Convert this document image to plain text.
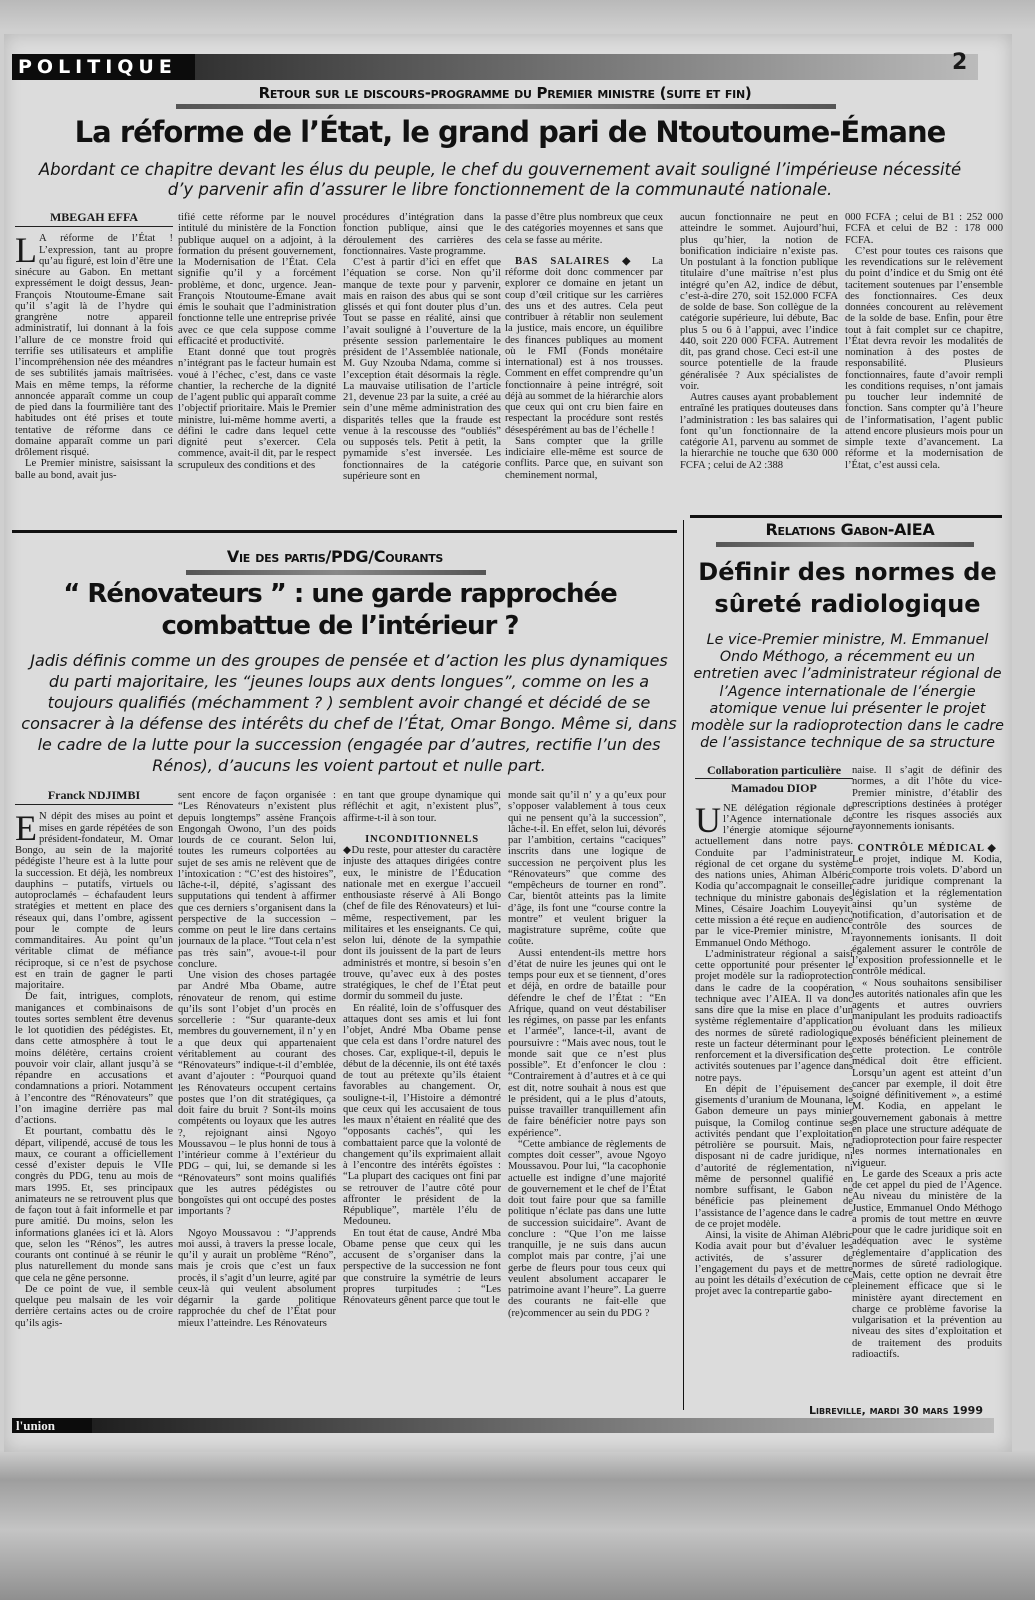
POLITIQUE	2
Retour sur le discours-programme du Premier ministre (suite et fin)
La réforme de l’État, le grand pari de Ntoutoume-Émane
Abordant ce chapitre devant les élus du peuple, le chef du gouvernement avait souligné l’impérieuse nécessité d’y parvenir afin d’assurer le libre fonctionnement de la communauté nationale.
MBEGAH EFFA

L A réforme de l’État ! L’expression, tant au propre qu’au figuré, est loin d’être une sinécure au Gabon. En mettant expressément le doigt dessus, Jean-François Ntoutoume-Émane sait qu’il s’agit là de l’hydre qui grangrène notre appareil administratif, lui donnant à la fois l’allure de ce monstre froid qui terrifie ses utilisateurs et amplifie l’incompréhension née des méandres de ses subtilités jamais maîtrisées. Mais en même temps, la réforme annoncée apparaît comme un coup de pied dans la fourmilière tant des habitudes ont été prises et toute tentative de réforme dans ce domaine apparaît comme un pari drôlement risqué.

Le Premier ministre, saisissant la balle au bond, avait jus-

tifié cette réforme par le nouvel intitulé du ministère de la Fonction publique auquel on a adjoint, à la formation du présent gouvernement, la Modernisation de l’État. Cela signifie qu’il y a forcément problème, et donc, urgence. Jean-François Ntoutoume-Émane avait émis le souhait que l’administration fonctionne telle une entreprise privée avec ce que cela suppose comme efficacité et productivité.

Etant donné que tout progrès n’intégrant pas le facteur humain est voué à l’échec, c’est, dans ce vaste chantier, la recherche de la dignité de l’agent public qui apparaît comme l’objectif prioritaire. Mais le Premier ministre, lui-même homme averti, a défini le cadre dans lequel cette dignité peut s’exercer. Cela commence, avait-il dit, par le respect scrupuleux des conditions et des

procédures d’intégration dans la fonction publique, ainsi que le déroulement des carrières des fonctionnaires. Vaste programme.

C’est à partir d’ici en effet que l’équation se corse. Non qu’il manque de texte pour y parvenir, mais en raison des abus qui se sont glissés et qui font douter plus d’un. Tout se passe en réalité, ainsi que l’avait souligné à l’ouverture de la présente session parlementaire le président de l’Assemblée nationale, M. Guy Nzouba Ndama, comme si l’exception était désormais la règle. La mauvaise utilisation de l’article 21, devenue 23 par la suite, a créé au sein d’une même administration des disparités telles que la fraude est venue à la rescousse des “oubliés” ou supposés tels. Petit à petit, la pymamide s’est inversée. Les fonctionnaires de la catégorie supérieure sont en

passe d’être plus nombreux que ceux des catégories moyennes et sans que cela se fasse au mérite.

BAS SALAIRES ◆ La réforme doit donc commencer par explorer ce domaine en jetant un coup d’œil critique sur les carrières des uns et des autres. Cela peut contribuer à rétablir non seulement la justice, mais encore, un équilibre des finances publiques au moment où le FMI (Fonds monétaire international) est à nos trousses. Comment en effet comprendre qu’un fonctionnaire à peine intrégré, soit déjà au sommet de la hiérarchie alors que ceux qui ont cru bien faire en respectant la procédure sont restés désespérément au bas de l’échelle !

Sans compter que la grille indiciaire elle-même est source de conflits. Parce que, en suivant son cheminement normal,

aucun fonctionnaire ne peut en atteindre le sommet. Aujourd’hui, plus qu’hier, la notion de bonification indiciaire n’existe pas. Un postulant à la fonction publique titulaire d’une maîtrise n’est plus intégré qu’en A2, indice de début, c’est-à-dire 270, soit 152.000 FCFA de solde de base. Son collègue de la catégorie supérieure, lui débute, Bac plus 5 ou 6 à l’appui, avec l’indice 440, soit 220 000 FCFA. Autrement dit, pas grand chose. Ceci est-il une source potentielle de la fraude généralisée ? Aux spécialistes de voir.

Autres causes ayant probablement entraîné les pratiques douteuses dans l’administration : les bas salaires qui font qu’un fonctionnaire de la catégorie A1, parvenu au sommet de la hierarchie ne touche que 630 000 FCFA ; celui de A2 :388

000 FCFA ; celui de B1 : 252 000 FCFA et celui de B2 : 178 000 FCFA.

C’est pour toutes ces raisons que les revendications sur le relèvement du point d’indice et du Smig ont été tacitement soutenues par l’ensemble des fonctionnaires. Ces deux données concourent au relèvement de la solde de base. Enfin, pour être tout à fait complet sur ce chapitre, l’État devra revoir les modalités de nomination à des postes de responsabilité. Plusieurs fonctionnaires, faute d’avoir rempli les conditions requises, n’ont jamais pu toucher leur indemnité de fonction. Sans compter qu’à l’heure de l’informatisation, l’agent public attend encore plusieurs mois pour un simple texte d’avancement. La réforme et la modernisation de l’État, c’est aussi cela.

Vie des partis/PDG/Courants
“ Rénovateurs ” : une garde rapprochée combattue de l’intérieur ?
Jadis définis comme un des groupes de pensée et d’action les plus dynamiques du parti majoritaire, les “jeunes loups aux dents longues”, comme on les a toujours qualifiés (méchamment ? ) semblent avoir changé et décidé de se consacrer à la défense des intérêts du chef de l’État, Omar Bongo. Même si, dans le cadre de la lutte pour la succession (engagée par d’autres, rectifie l’un des Rénos), d’aucuns les voient partout et nulle part.
Franck NDJIMBI

E N dépit des mises au point et mises en garde répétées de son président-fondateur, M. Omar Bongo, au sein de la majorité pédégiste l’heure est à la lutte pour la succession. Et déjà, les nombreux dauphins – putatifs, virtuels ou autoproclamés – échafaudent leurs stratégies et mettent en place des réseaux qui, dans l’ombre, agissent pour le compte de leurs commanditaires. Au point qu’un véritable climat de méfiance réciproque, si ce n’est de psychose est en train de gagner le parti majoritaire.

De fait, intrigues, complots, manigances et combinaisons de toutes sortes semblent être devenus le lot quotidien des pédégistes. Et, dans cette atmosphère à tout le moins délétère, certains croient pouvoir voir clair, allant jusqu’à se répandre en accusations et condamnations a priori. Notamment à l’encontre des “Rénovateurs” que l’on imagine derrière pas mal d’actions.

Et pourtant, combattu dès le départ, vilipendé, accusé de tous les maux, ce courant a officiellement cessé d’exister depuis le VIIe congrès du PDG, tenu au mois de mars 1995. Et, ses principaux animateurs ne se retrouvent plus que de façon tout à fait informelle et par pure amitié. Du moins, selon les informations glanées ici et là. Alors que, selon les “Rénos”, les autres courants ont continué à se réunir le plus naturellement du monde sans que cela ne gêne personne.

De ce point de vue, il semble quelque peu malsain de les voir derrière certains actes ou de croire qu’ils agis-

sent encore de façon organisée : “Les Rénovateurs n’existent plus depuis longtemps” assène François Engongah Owono, l’un des poids lourds de ce courant. Selon lui, toutes les rumeurs colportées au sujet de ses amis ne relèvent que de l’intoxication : “C’est des histoires”, lâche-t-il, dépité, s’agissant des supputations qui tendent à affirmer que ces derniers s’organisent dans la perspective de la succession – comme on peut le lire dans certains journaux de la place. “Tout cela n’est pas très sain”, avoue-t-il pour conclure.

Une vision des choses partagée par André Mba Obame, autre rénovateur de renom, qui estime qu’ils sont l’objet d’un procès en sorcellerie : “Sur quarante-deux membres du gouvernement, il n’ y en a que deux qui appartenaient véritablement au courant des “Rénovateurs” indique-t-il d’emblée, avant d’ajouter : “Pourquoi quand les Rénovateurs occupent certains postes que l’on dit stratégiques, ça doit faire du bruit ? Sont-ils moins compétents ou loyaux que les autres ?, rejoignant ainsi Ngoyo Moussavou – le plus honni de tous à l’intérieur comme à l’extérieur du PDG – qui, lui, se demande si les “Rénovateurs” sont moins qualifiés que les autres pédégistes ou bongoïstes qui ont occupé des postes importants ?

Ngoyo Moussavou : “J’apprends moi aussi, à travers la presse locale, qu’il y aurait un problème “Réno”, mais je crois que c’est un faux procès, il s’agit d’un leurre, agité par ceux-là qui veulent absolument dégarnir la garde politique rapprochée du chef de l’État pour mieux l’atteindre. Les Rénovateurs

en tant que groupe dynamique qui réfléchit et agit, n’existent plus”, affirme-t-il à son tour.

INCONDITIONNELS

◆Du reste, pour attester du caractère injuste des attaques dirigées contre eux, le ministre de l’Éducation nationale met en exergue l’accueil enthousiaste réservé à Ali Bongo (chef de file des Rénovateurs) et lui-même, respectivement, par les militaires et les enseignants. Ce qui, selon lui, dénote de la sympathie dont ils jouissent de la part de leurs administrés et montre, si besoin s’en trouve, qu’avec eux à des postes stratégiques, le chef de l’État peut dormir du sommeil du juste.

En réalité, loin de s’offusquer des attaques dont ses amis et lui font l’objet, André Mba Obame pense que cela est dans l’ordre naturel des choses. Car, explique-t-il, depuis le début de la décennie, ils ont été taxés de tout au prétexte qu’ils étaient favorables au changement. Or, souligne-t-il, l’Histoire a démontré que ceux qui les accusaient de tous les maux n’étaient en réalité que des “opposants cachés”, qui les combattaient parce que la volonté de changement qu’ils exprimaient allait à l’encontre des intérêts égoïstes : “La plupart des caciques ont fini par se retrouver de l’autre côté pour affronter le président de la République”, martèle l’élu de Medouneu.

En tout état de cause, André Mba Obame pense que ceux qui les accusent de s’organiser dans la perspective de la succession ne font que construire la symétrie de leurs propres turpitudes : “Les Rénovateurs gênent parce que tout le

monde sait qu’il n’ y a qu’eux pour s’opposer valablement à tous ceux qui ne pensent qu’à la succession”, lâche-t-il. En effet, selon lui, dévorés par l’ambition, certains “caciques” inscrits dans une logique de succession ne perçoivent plus les “Rénovateurs” que comme des “empêcheurs de tourner en rond”. Car, bientôt atteints pas la limite d’âge, ils font une “course contre la montre” et veulent briguer la magistrature suprême, coûte que coûte.

Aussi entendent-ils mettre hors d’état de nuire les jeunes qui ont le temps pour eux et se tiennent, d’ores et déjà, en ordre de bataille pour défendre le chef de l’État : “En Afrique, quand on veut déstabiliser les régimes, on passe par les enfants et l’armée”, lance-t-il, avant de poursuivre : “Mais avec nous, tout le monde sait que ce n’est plus possible”. Et d’enfoncer le clou : “Contrairement à d’autres et à ce qui est dit, notre souhait à nous est que le président, qui a le plus d’atouts, puisse travailler tranquillement afin de faire bénéficier notre pays son expérience”.

“Cette ambiance de règlements de comptes doit cesser”, avoue Ngoyo Moussavou. Pour lui, “la cacophonie actuelle est indigne d’une majorité de gouvernement et le chef de l’État doit tout faire pour que sa famille politique n’éclate pas dans une lutte de succession suicidaire”. Avant de conclure : “Que l’on me laisse tranquille, je ne suis dans aucun complot mais par contre, j’ai une gerbe de fleurs pour tous ceux qui veulent absolument accaparer le patrimoine avant l’heure”. La guerre des courants ne fait-elle que (re)commencer au sein du PDG ?

Relations Gabon-AIEA
Définir des normes de sûreté radiologique
Le vice-Premier ministre, M. Emmanuel Ondo Méthogo, a récemment eu un entretien avec l’administrateur régional de l’Agence internationale de l’énergie atomique venue lui présenter le projet modèle sur la radioprotection dans le cadre de l’assistance technique de sa structure
Collaboration particulière
Mamadou DIOP

UNE délégation régionale de l’Agence internationale de l’énergie atomique séjourne actuellement dans notre pays. Conduite par l’administrateur régional de cet organe du système des nations unies, Ahiman Albéric Kodia qu’accompagnait le conseiller technique du ministre gabonais des Mines, Césaire Joachim Louyeyit, cette mission a été reçue en audience par le vice-Premier ministre, M. Emmanuel Ondo Méthogo.

L’administrateur régional a saisi cette opportunité pour présenter le projet modèle sur la radioprotection dans le cadre de la coopération technique avec l’AIEA. Il va donc sans dire que la mise en place d’un système réglementaire d’application des normes de sûreté radiologique reste un facteur déterminant pour le renforcement et la diversification des activités soutenues par l’agence dans notre pays.

En dépit de l’épuisement des gisements d’uranium de Mounana, le Gabon demeure un pays minier puisque, la Comilog continue ses activités pendant que l’exploitation pétrolière se poursuit. Mais, ne disposant ni de cadre juridique, ni d’autorité de réglementation, ni même de personnel qualifié en nombre suffisant, le Gabon ne bénéficie pas pleinement de l’assistance de l’agence dans le cadre de ce projet modèle.

Ainsi, la visite de Ahiman Alébric Kodia avait pour but d’évaluer les activités, de s’assurer de l’engagement du pays et de mettre au point les détails d’exécution de ce projet avec la contrepartie gabo-

naise. Il s’agit de définir des normes, a dit l’hôte du vice-Premier ministre, d’établir des prescriptions destinées à protéger contre les risques associés aux rayonnements ionisants.

CONTRÔLE MÉDICAL ◆

Le projet, indique M. Kodia, comporte trois volets. D’abord un cadre juridique comprenant la législation et la réglementation ainsi qu’un système de notification, d’autorisation et de contrôle des sources de rayonnements ionisants. Il doit également assurer le contrôle de l’exposition professionnelle et le contrôle médical.

« Nous souhaitons sensibiliser les autorités nationales afin que les agents et autres ouvriers manipulant les produits radioactifs ou évoluant dans les milieux exposés bénéficient pleinement de cette protection. Le contrôle médical doit être efficient. Lorsqu’un agent est atteint d’un cancer par exemple, il doit être soigné définitivement », a estimé M. Kodia, en appelant le gouvernement gabonais à mettre en place une structure adéquate de radioprotection pour faire respecter les normes internationales en vigueur.

Le garde des Sceaux a pris acte de cet appel du pied de l’Agence. Au niveau du ministère de la Justice, Emmanuel Ondo Méthogo a promis de tout mettre en œuvre pour que le cadre juridique soit en adéquation avec le système réglementaire d’application des normes de sûreté radiologique. Mais, cette option ne devrait être pleinement efficace que si le ministère ayant directement en charge ce problème favorise la vulgarisation et la prévention au niveau des sites d’exploitation et de traitement des produits radioactifs.

Libreville, mardi 30 mars 1999
l'union
